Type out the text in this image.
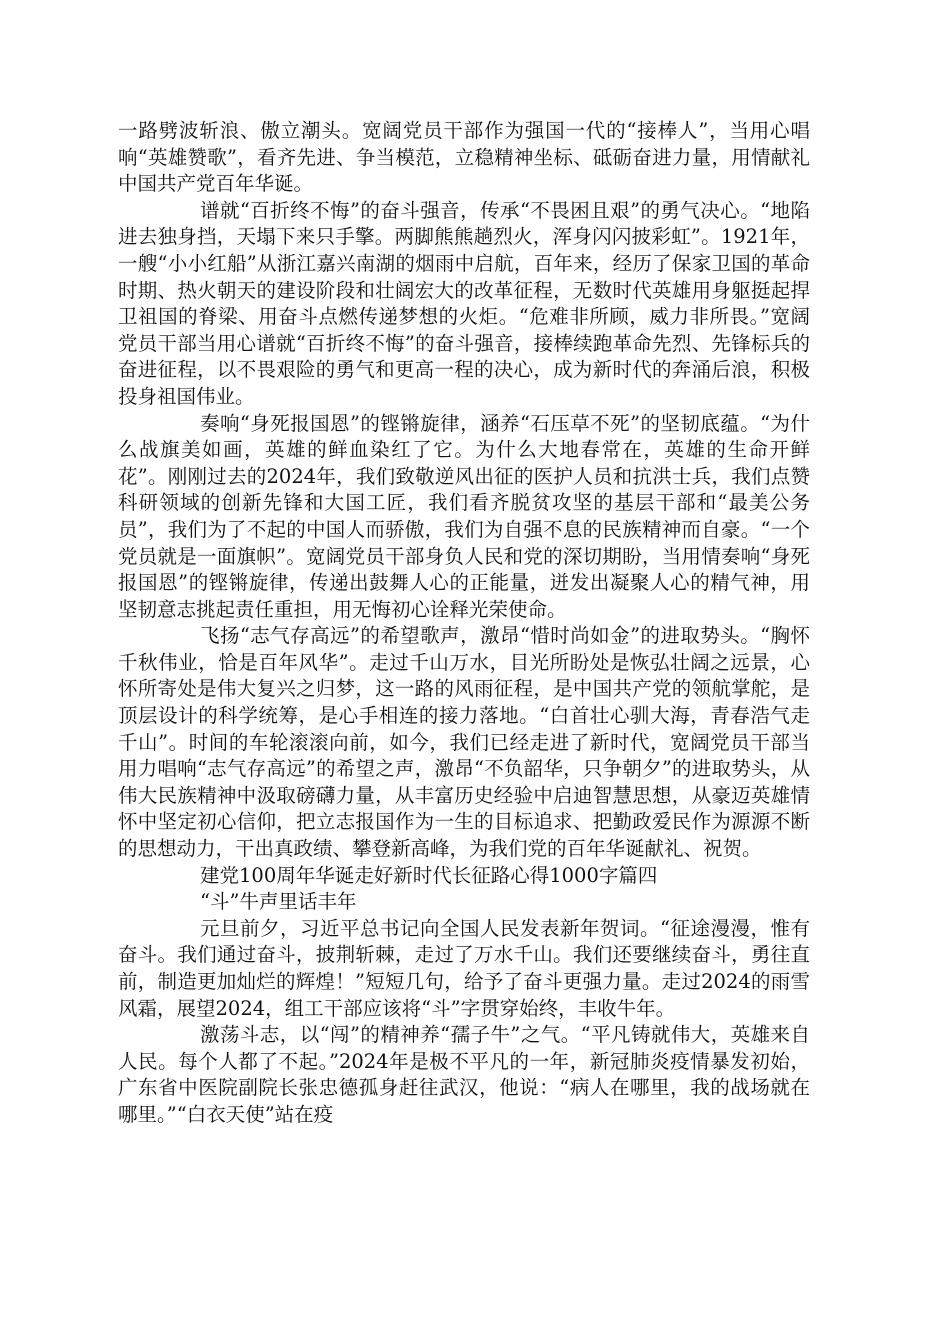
一路劈波斩浪、傲立潮头。宽阔党员干部作为强国一代的“接棒人”，当用心唱响“英雄赞歌”，看齐先进、争当模范，立稳精神坐标、砥砺奋进力量，用情献礼中国共产党百年华诞。

谱就“百折终不悔”的奋斗强音，传承“不畏困且艰”的勇气决心。“地陷进去独身挡，天塌下来只手擎。两脚熊熊趟烈火，浑身闪闪披彩虹”。1921年，一艘“小小红船”从浙江嘉兴南湖的烟雨中启航，百年来，经历了保家卫国的革命时期、热火朝天的建设阶段和壮阔宏大的改革征程，无数时代英雄用身躯挺起捍卫祖国的脊梁、用奋斗点燃传递梦想的火炬。“危难非所顾，威力非所畏。”宽阔党员干部当用心谱就“百折终不悔”的奋斗强音，接棒续跑革命先烈、先锋标兵的奋进征程，以不畏艰险的勇气和更高一程的决心，成为新时代的奔涌后浪，积极投身祖国伟业。

奏响“身死报国恩”的铿锵旋律，涵养“石压草不死”的坚韧底蕴。“为什么战旗美如画，英雄的鲜血染红了它。为什么大地春常在，英雄的生命开鲜花”。刚刚过去的2024年，我们致敬逆风出征的医护人员和抗洪士兵，我们点赞科研领域的创新先锋和大国工匠，我们看齐脱贫攻坚的基层干部和“最美公务员”，我们为了不起的中国人而骄傲，我们为自强不息的民族精神而自豪。“一个党员就是一面旗帜”。宽阔党员干部身负人民和党的深切期盼，当用情奏响“身死报国恩”的铿锵旋律，传递出鼓舞人心的正能量，迸发出凝聚人心的精气神，用坚韧意志挑起责任重担，用无悔初心诠释光荣使命。

飞扬“志气存高远”的希望歌声，激昂“惜时尚如金”的进取势头。“胸怀千秋伟业，恰是百年风华”。走过千山万水，目光所盼处是恢弘壮阔之远景，心怀所寄处是伟大复兴之归梦，这一路的风雨征程，是中国共产党的领航掌舵，是顶层设计的科学统筹，是心手相连的接力落地。“白首壮心驯大海，青春浩气走千山”。时间的车轮滚滚向前，如今，我们已经走进了新时代，宽阔党员干部当用力唱响“志气存高远”的希望之声，激昂“不负韶华，只争朝夕”的进取势头，从伟大民族精神中汲取磅礴力量，从丰富历史经验中启迪智慧思想，从豪迈英雄情怀中坚定初心信仰，把立志报国作为一生的目标追求、把勤政爱民作为源源不断的思想动力，干出真政绩、攀登新高峰，为我们党的百年华诞献礼、祝贺。

建党100周年华诞走好新时代长征路心得1000字篇四

“斗”牛声里话丰年

元旦前夕，习近平总书记向全国人民发表新年贺词。“征途漫漫，惟有奋斗。我们通过奋斗，披荆斩棘，走过了万水千山。我们还要继续奋斗，勇往直前，制造更加灿烂的辉煌！”短短几句，给予了奋斗更强力量。走过2024的雨雪风霜，展望2024，组工干部应该将“斗”字贯穿始终，丰收牛年。

激荡斗志，以“闯”的精神养“孺子牛”之气。“平凡铸就伟大，英雄来自人民。每个人都了不起。”2024年是极不平凡的一年，新冠肺炎疫情暴发初始，广东省中医院副院长张忠德孤身赶往武汉，他说：“病人在哪里，我的战场就在哪里。”“白衣天使”站在疫
